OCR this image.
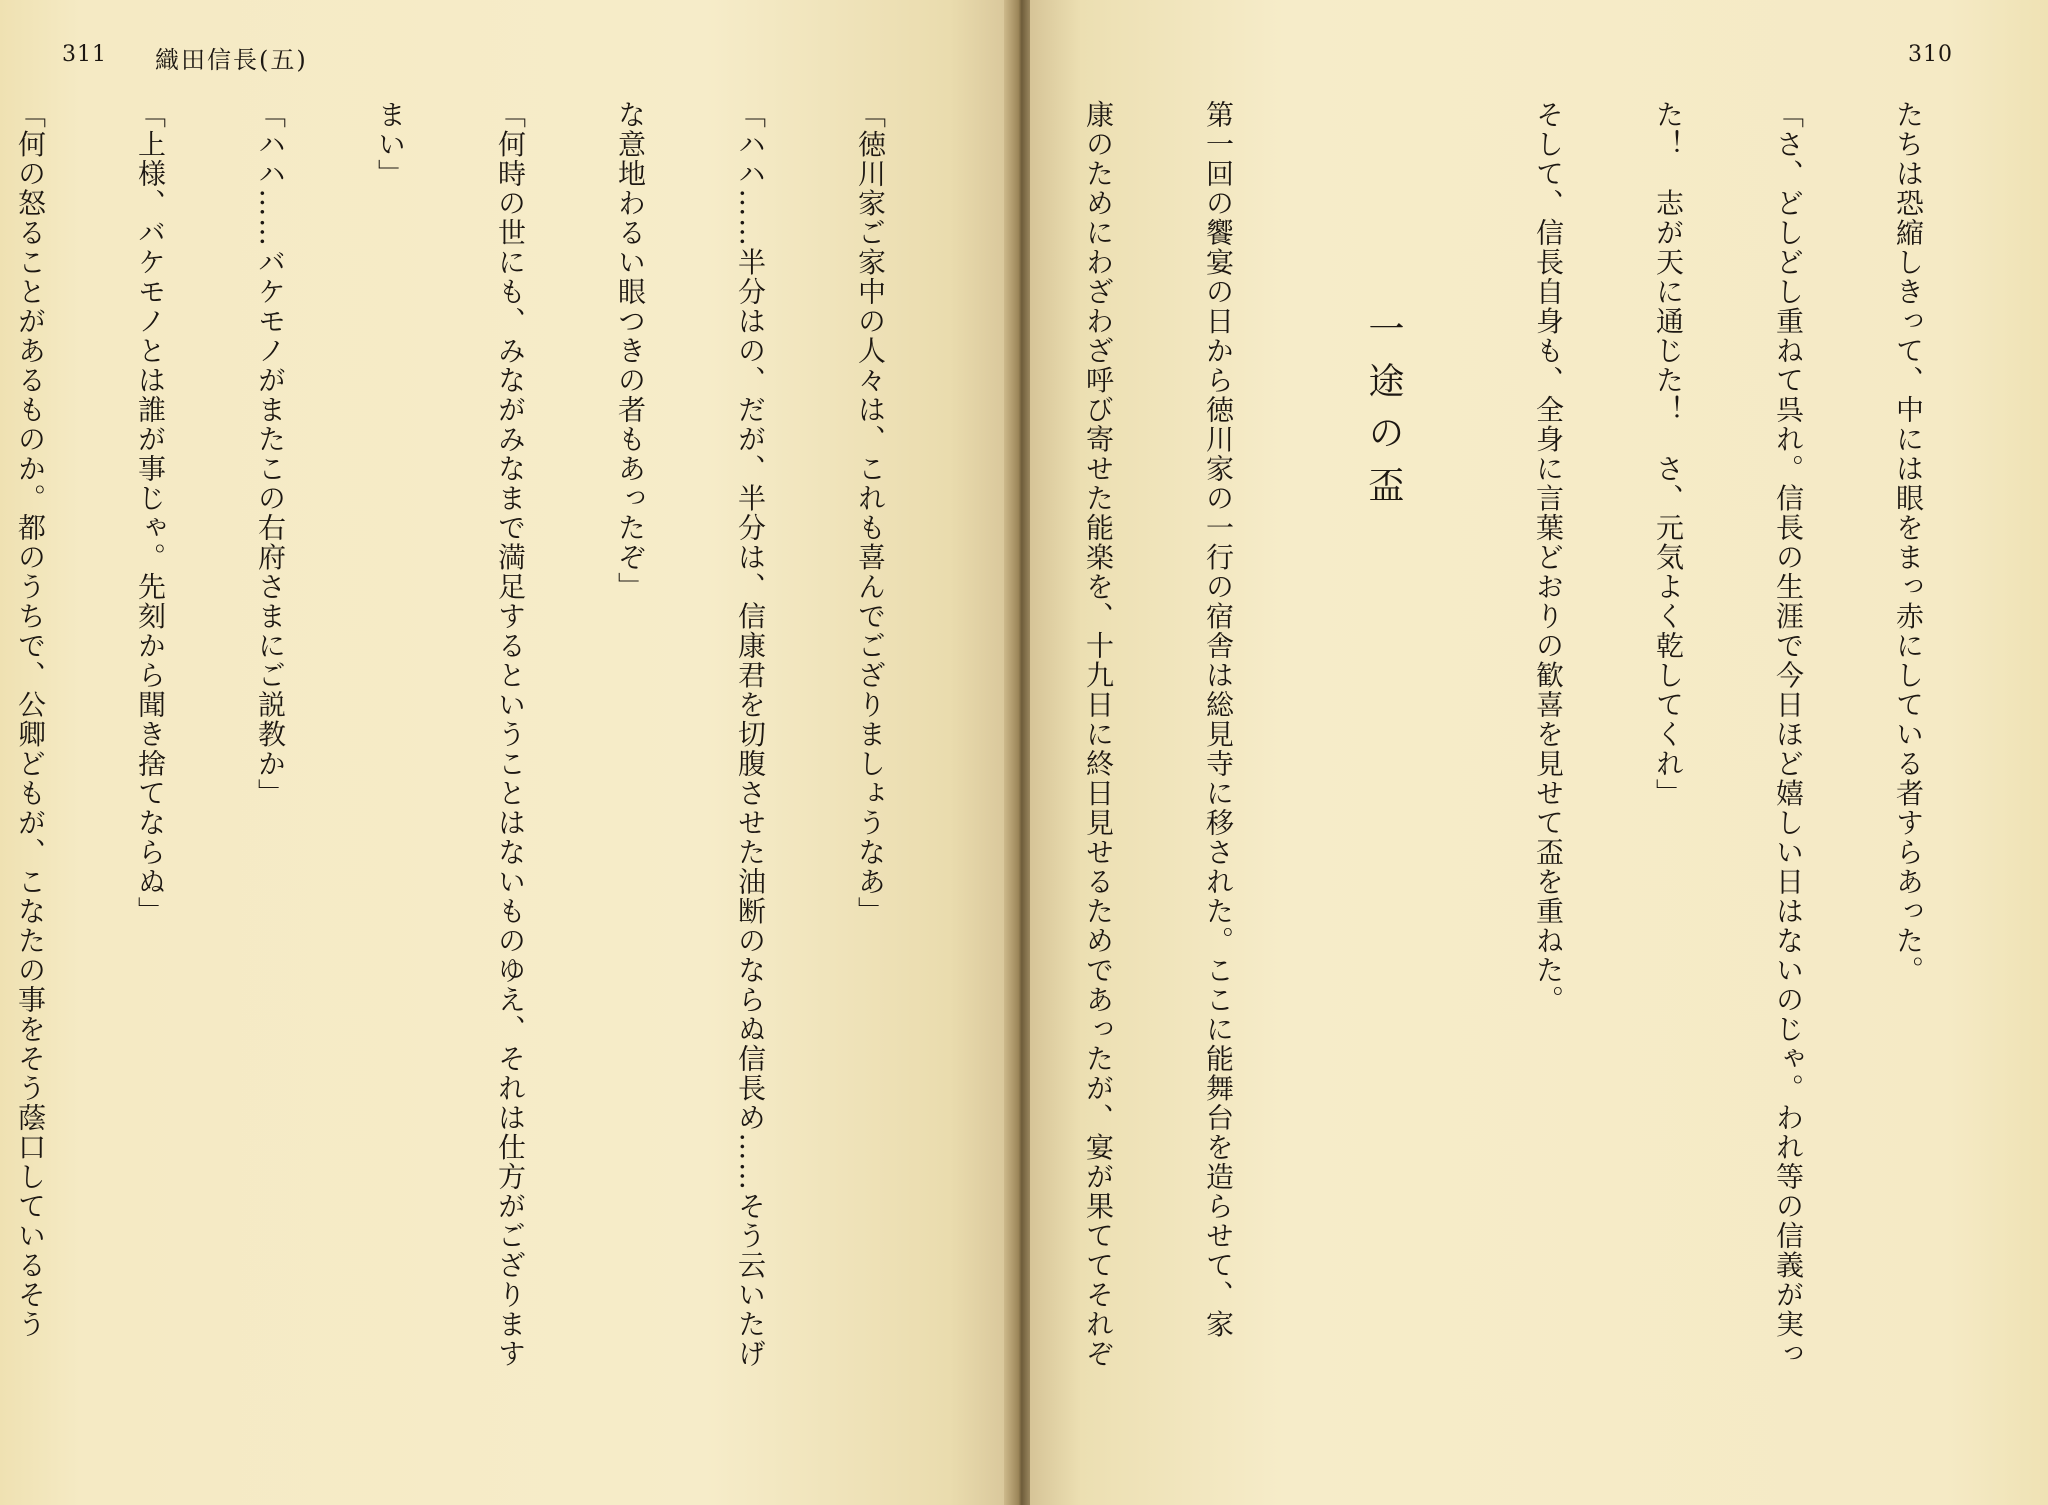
311 織田信長(五)

「徳川家ご家中の人々は、これも喜んでござりましょうなあ」

「ハハ……半分はの、だが、半分は、信康君を切腹させた油断のならぬ信長め……そう云いたげ

な意地わるい眼つきの者もあったぞ」

「何時の世にも、みながみなまで満足するということはないものゆえ、それは仕方がござります

まい」

「ハハ……バケモノがまたこの右府さまにご説教か」

「上様、バケモノとは誰が事じゃ。先刻から聞き捨てならぬ」

「何の怒ることがあるものか。都のうちで、公卿どもが、こなたの事をそう蔭口しているそう

310

たちは恐縮しきって、中には眼をまっ赤にしている者すらあった。

「さ、どしどし重ねて呉れ。信長の生涯で今日ほど嬉しい日はないのじゃ。われ等の信義が実っ

た！　志が天に通じた！　さ、元気よく乾してくれ」

そして、信長自身も、全身に言葉どおりの歓喜を見せて盃を重ねた。

一途の盃

第一回の饗宴の日から徳川家の一行の宿舎は総見寺に移された。ここに能舞台を造らせて、家

康のためにわざわざ呼び寄せた能楽を、十九日に終日見せるためであったが、宴が果ててそれぞ
